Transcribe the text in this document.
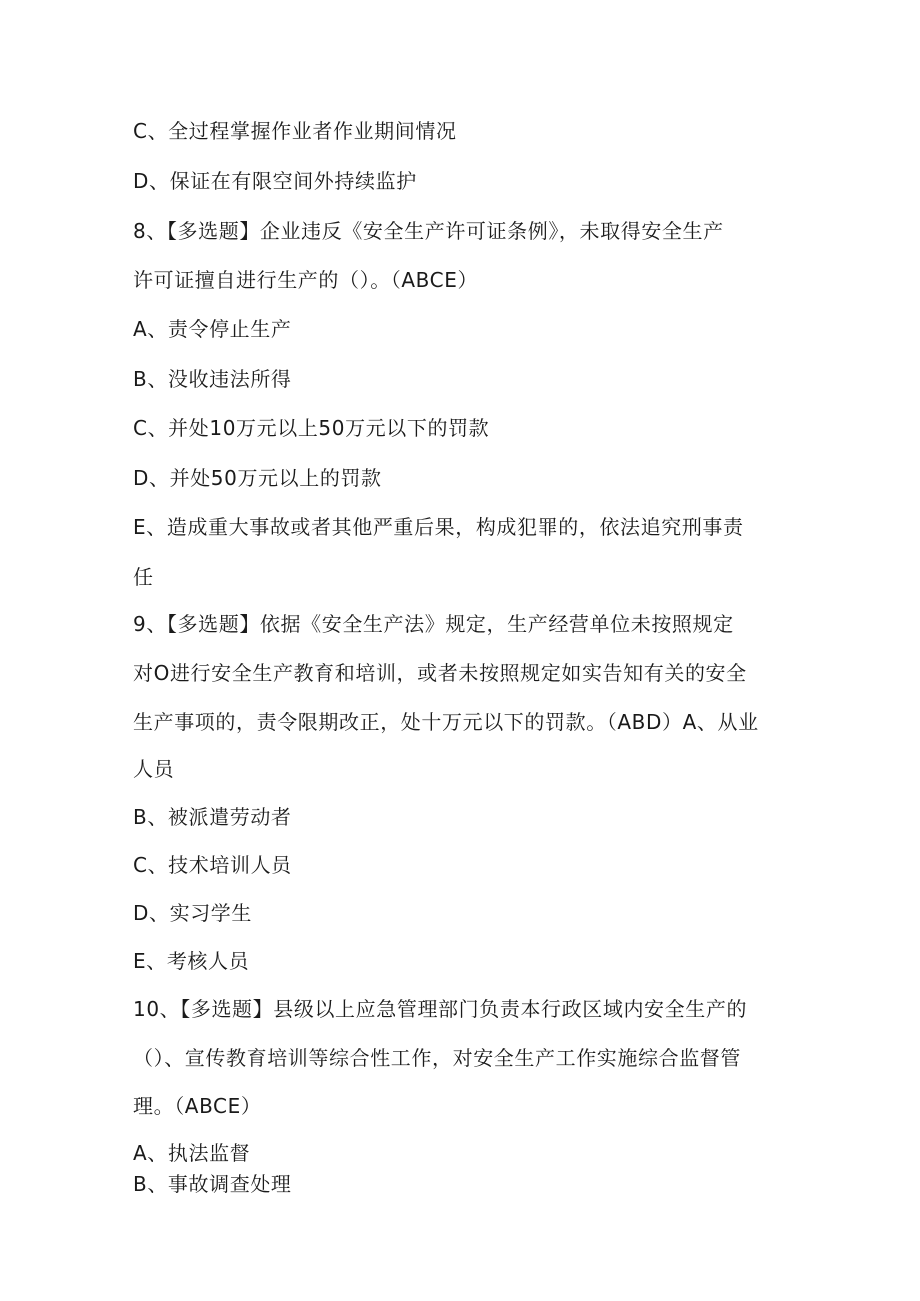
C、全过程掌握作业者作业期间情况
D、保证在有限空间外持续监护
8、【多选题】企业违反《安全生产许可证条例》，未取得安全生产
许可证擅自进行生产的（）。（ABCE）
A、责令停止生产
B、没收违法所得
C、并处10万元以上50万元以下的罚款
D、并处50万元以上的罚款
E、造成重大事故或者其他严重后果，构成犯罪的，依法追究刑事责
任
9、【多选题】依据《安全生产法》规定，生产经营单位未按照规定
对O进行安全生产教育和培训，或者未按照规定如实告知有关的安全
生产事项的，责令限期改正，处十万元以下的罚款。（ABD）A、从业
人员
B、被派遣劳动者
C、技术培训人员
D、实习学生
E、考核人员
10、【多选题】县级以上应急管理部门负责本行政区域内安全生产的
（）、宣传教育培训等综合性工作，对安全生产工作实施综合监督管
理。（ABCE）
A、执法监督
B、事故调查处理
